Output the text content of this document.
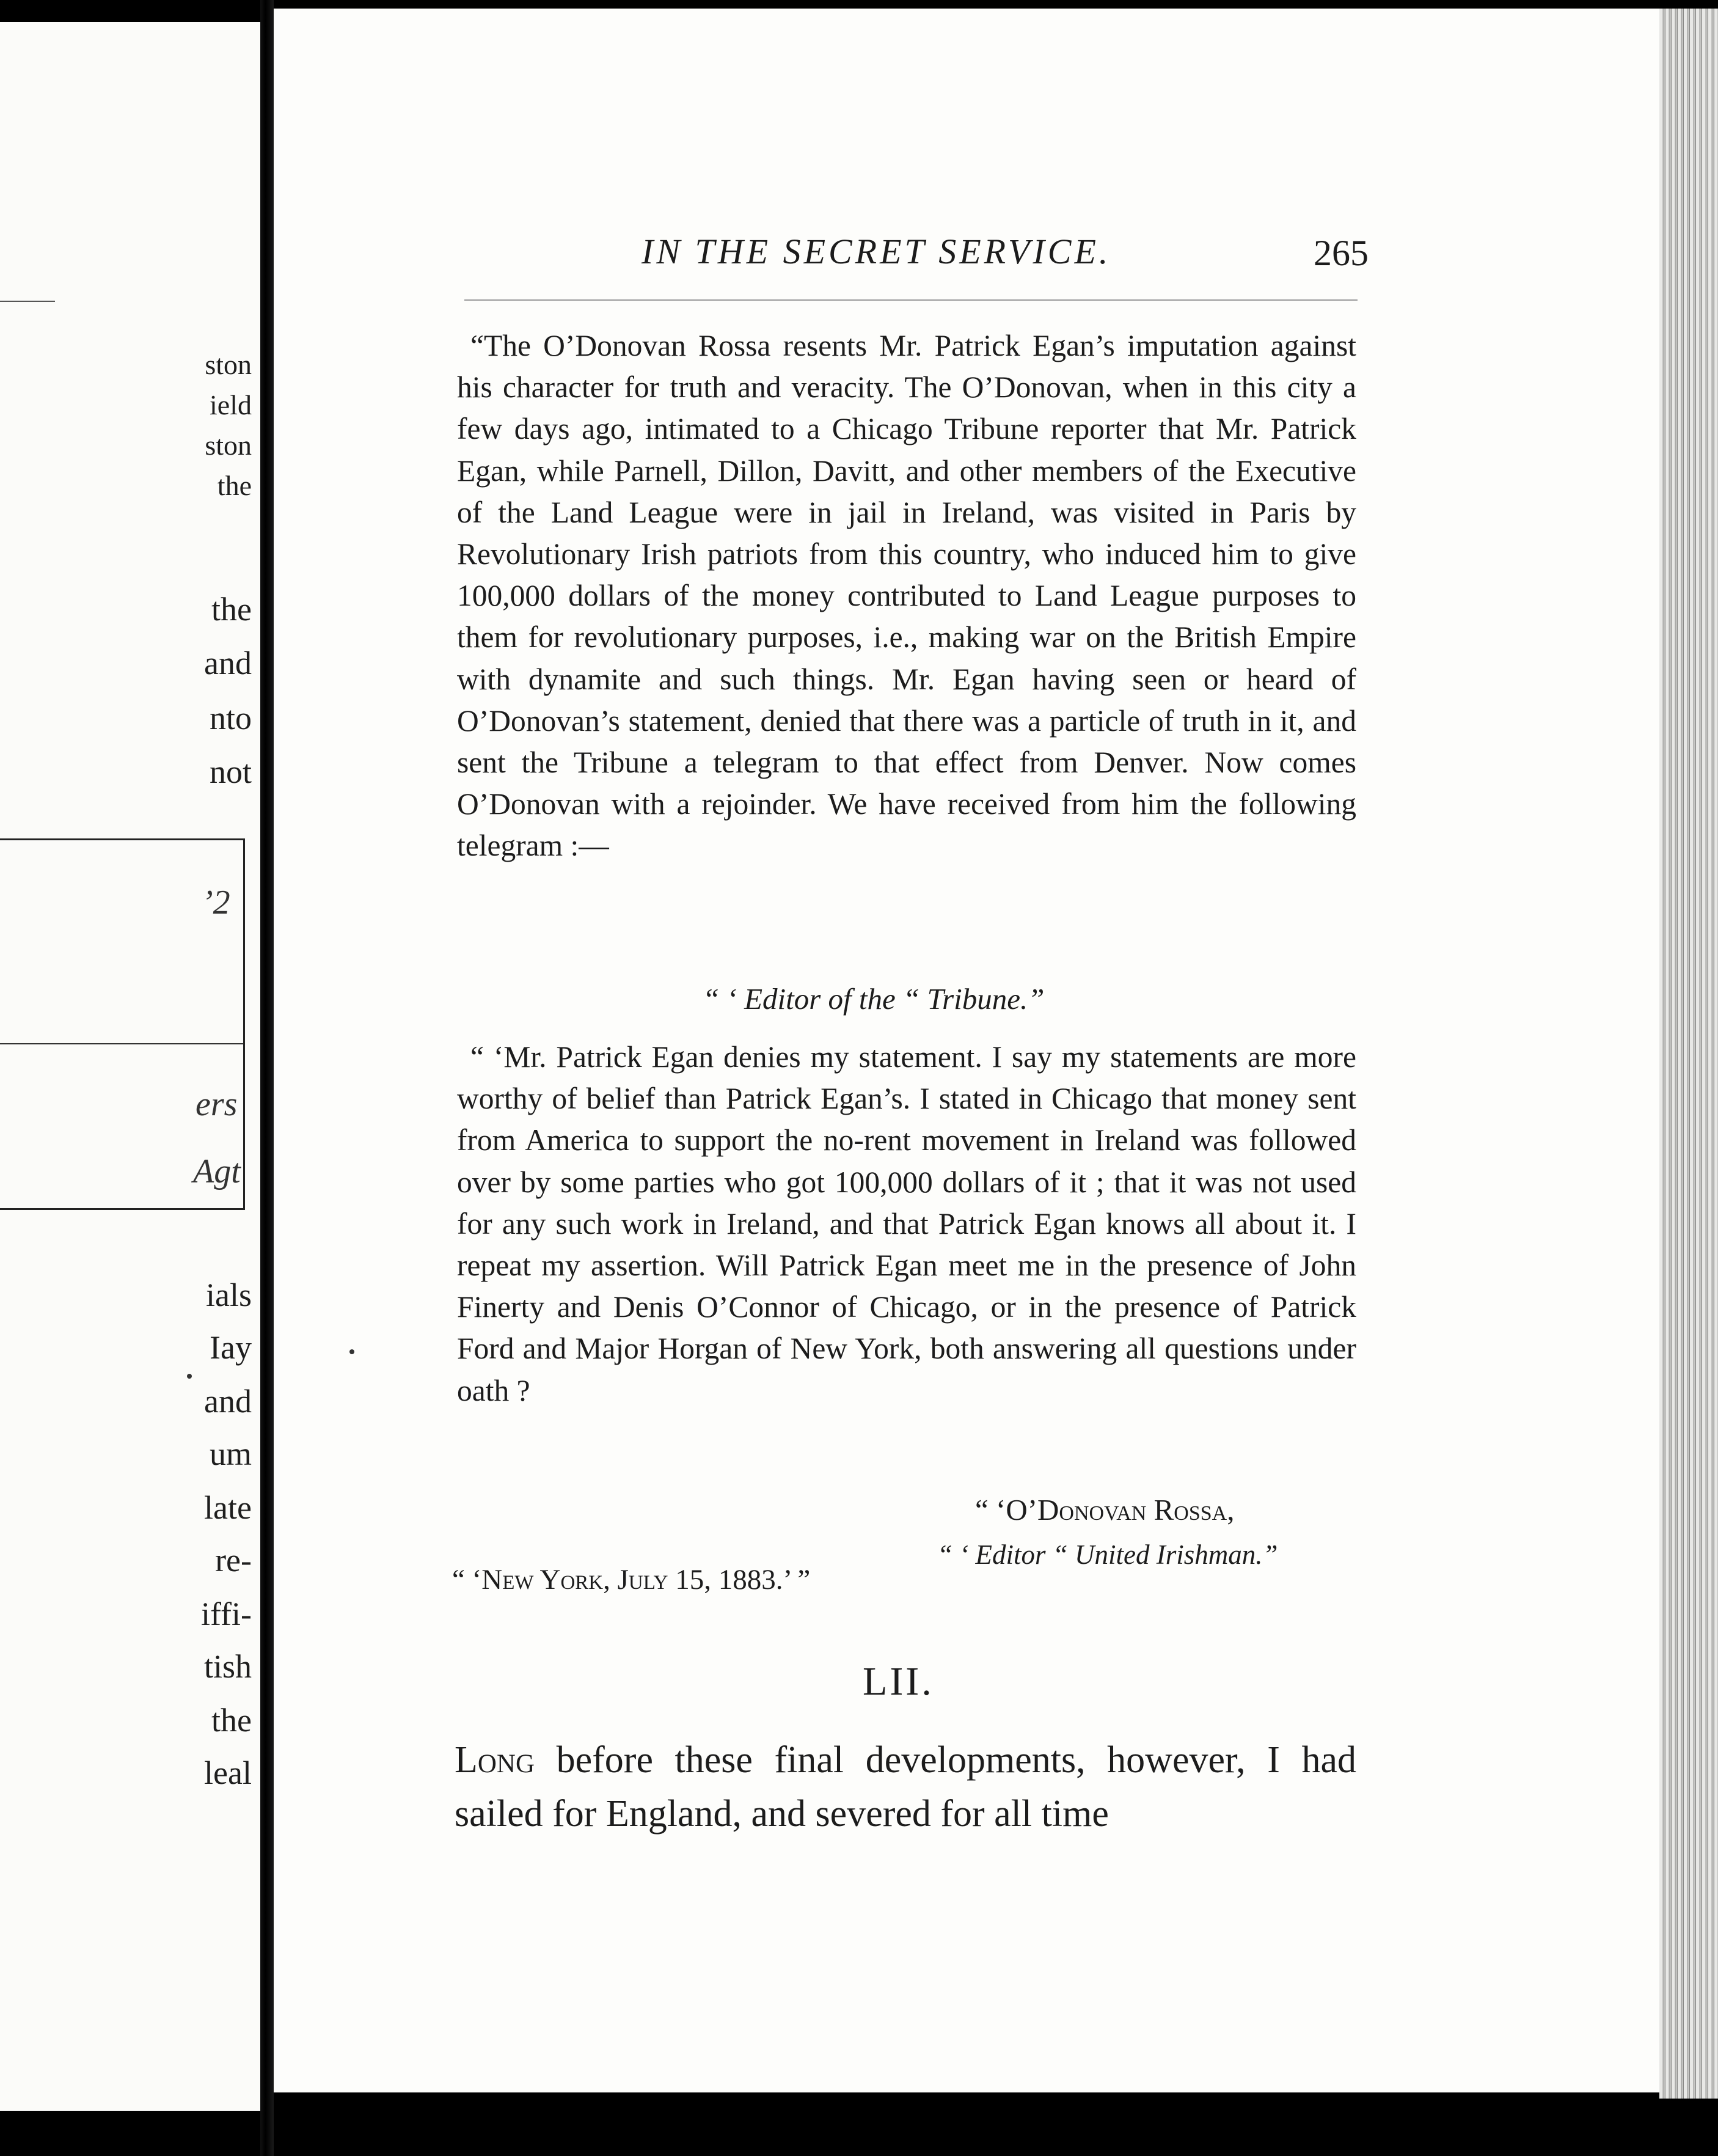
ston
ield
ston
the
the
and
nto
not
’2
ers
Agt
ials
Iay
and
um
late
re-
iffi-
tish
the
leal
IN THE SECRET SERVICE.	265

“The O’Donovan Rossa resents Mr. Patrick Egan’s imputation against his character for truth and veracity. The O’Donovan, when in this city a few days ago, intimated to a Chicago Tribune reporter that Mr. Patrick Egan, while Parnell, Dillon, Davitt, and other members of the Executive of the Land League were in jail in Ireland, was visited in Paris by Revolutionary Irish patriots from this country, who induced him to give 100,000 dollars of the money contributed to Land League purposes to them for revolutionary purposes, i.e., making war on the British Empire with dynamite and such things. Mr. Egan having seen or heard of O’Donovan’s statement, denied that there was a particle of truth in it, and sent the Tribune a telegram to that effect from Denver. Now comes O’Donovan with a rejoinder. We have received from him the following telegram :—

“ ‘ Editor of the “ Tribune.”

“ ‘Mr. Patrick Egan denies my statement. I say my statements are more worthy of belief than Patrick Egan’s. I stated in Chicago that money sent from America to support the no-rent movement in Ireland was followed over by some parties who got 100,000 dollars of it ; that it was not used for any such work in Ireland, and that Patrick Egan knows all about it. I repeat my assertion. Will Patrick Egan meet me in the presence of John Finerty and Denis O’Connor of Chicago, or in the presence of Patrick Ford and Major Horgan of New York, both answering all questions under oath ?

“ ‘O’Donovan Rossa,
“ ‘ Editor “ United Irishman.”
“ ‘New York, July 15, 1883.’ ”
LII.
Long before these final developments, however, I had sailed for England, and severed for all time
